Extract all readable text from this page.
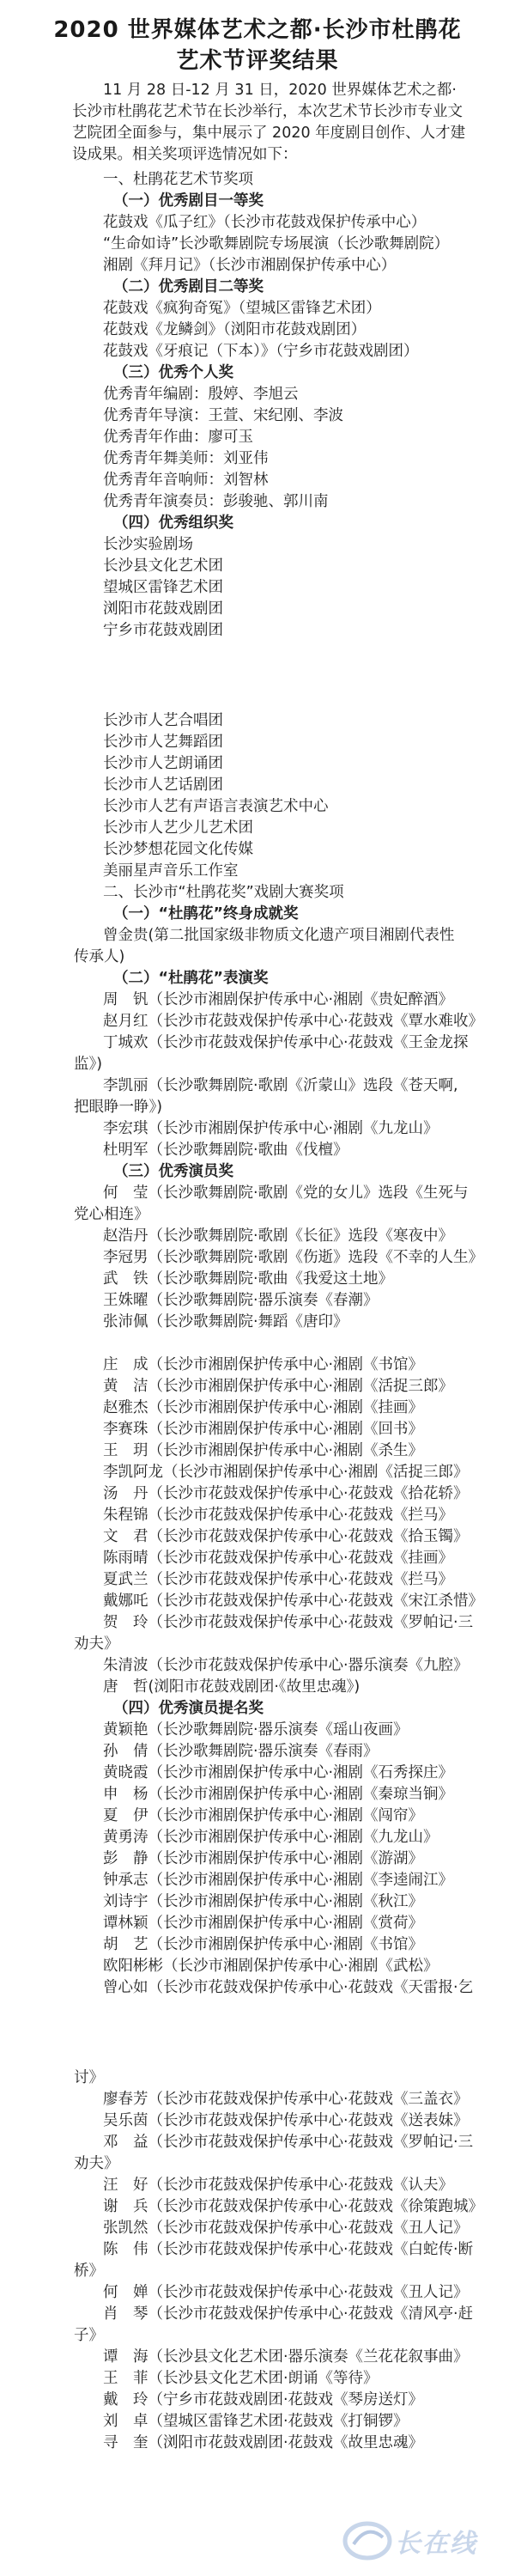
2020 世界媒体艺术之都·长沙市杜鹃花
艺术节评奖结果
11 月 28 日-12 月 31 日，2020 世界媒体艺术之都·长沙市杜鹃花艺术节在长沙举行，本次艺术节长沙市专业文艺院团全面参与，集中展示了 2020 年度剧目创作、人才建设成果。相关奖项评选情况如下：
一、杜鹃花艺术节奖项
（一）优秀剧目一等奖
花鼓戏《瓜子红》（长沙市花鼓戏保护传承中心）
“生命如诗”长沙歌舞剧院专场展演（长沙歌舞剧院）
湘剧《拜月记》（长沙市湘剧保护传承中心）
（二）优秀剧目二等奖
花鼓戏《疯狗奇冤》（望城区雷锋艺术团）
花鼓戏《龙鳞剑》（浏阳市花鼓戏剧团）
花鼓戏《牙痕记（下本）》（宁乡市花鼓戏剧团）
（三）优秀个人奖
优秀青年编剧：殷婷、李旭云
优秀青年导演：王萱、宋纪刚、李波
优秀青年作曲：廖可玉
优秀青年舞美师：刘亚伟
优秀青年音响师：刘智林
优秀青年演奏员：彭骏驰、郭川南
（四）优秀组织奖
长沙实验剧场
长沙县文化艺术团
望城区雷锋艺术团
浏阳市花鼓戏剧团
宁乡市花鼓戏剧团
长沙市人艺合唱团
长沙市人艺舞蹈团
长沙市人艺朗诵团
长沙市人艺话剧团
长沙市人艺有声语言表演艺术中心
长沙市人艺少儿艺术团
长沙梦想花园文化传媒
美丽星声音乐工作室
二、长沙市“杜鹃花奖”戏剧大赛奖项
（一）“杜鹃花”终身成就奖
曾金贵(第二批国家级非物质文化遗产项目湘剧代表性
传承人)
（二）“杜鹃花”表演奖
周　钒（长沙市湘剧保护传承中心·湘剧《贵妃醉酒》
赵月红（长沙市花鼓戏保护传承中心·花鼓戏《覃水难收》
丁城欢（长沙市花鼓戏保护传承中心·花鼓戏《王金龙探
监》)
李凯丽（长沙歌舞剧院·歌剧《沂蒙山》选段《苍天啊,
把眼睁一睁》)
李宏琪（长沙市湘剧保护传承中心·湘剧《九龙山》
杜明军（长沙歌舞剧院·歌曲《伐檀》
（三）优秀演员奖
何　莹（长沙歌舞剧院·歌剧《党的女儿》选段《生死与
党心相连》
赵浩丹（长沙歌舞剧院·歌剧《长征》选段《寒夜中》
李冠男（长沙歌舞剧院·歌剧《伤逝》选段《不幸的人生》
武　铁（长沙歌舞剧院·歌曲《我爱这土地》
王姝曜（长沙歌舞剧院·器乐演奏《春潮》
张沛佩（长沙歌舞剧院·舞蹈《唐印》
庄　成（长沙市湘剧保护传承中心·湘剧《书馆》
黄　洁（长沙市湘剧保护传承中心·湘剧《活捉三郎》
赵雅杰（长沙市湘剧保护传承中心·湘剧《挂画》
李赛珠（长沙市湘剧保护传承中心·湘剧《回书》
王　玥（长沙市湘剧保护传承中心·湘剧《杀生》
李凯阿龙（长沙市湘剧保护传承中心·湘剧《活捉三郎》
汤　丹（长沙市花鼓戏保护传承中心·花鼓戏《拾花轿》
朱程锦（长沙市花鼓戏保护传承中心·花鼓戏《拦马》
文　君（长沙市花鼓戏保护传承中心·花鼓戏《拾玉镯》
陈雨晴（长沙市花鼓戏保护传承中心·花鼓戏《挂画》
夏武兰（长沙市花鼓戏保护传承中心·花鼓戏《拦马》
戴娜吒（长沙市花鼓戏保护传承中心·花鼓戏《宋江杀惜》
贺　玲（长沙市花鼓戏保护传承中心·花鼓戏《罗帕记·三
劝夫》
朱清波（长沙市花鼓戏保护传承中心·器乐演奏《九腔》
唐　哲(浏阳市花鼓戏剧团·《故里忠魂》)
（四）优秀演员提名奖
黄颖艳（长沙歌舞剧院·器乐演奏《瑶山夜画》
孙　倩（长沙歌舞剧院·器乐演奏《春雨》
黄晓霞（长沙市湘剧保护传承中心·湘剧《石秀探庄》
申　杨（长沙市湘剧保护传承中心·湘剧《秦琼当锏》
夏　伊（长沙市湘剧保护传承中心·湘剧《闯帘》
黄勇涛（长沙市湘剧保护传承中心·湘剧《九龙山》
彭　静（长沙市湘剧保护传承中心·湘剧《游湖》
钟承志（长沙市湘剧保护传承中心·湘剧《李逵闹江》
刘诗宇（长沙市湘剧保护传承中心·湘剧《秋江》
谭林颖（长沙市湘剧保护传承中心·湘剧《赏荷》
胡　艺（长沙市湘剧保护传承中心·湘剧《书馆》
欧阳彬彬（长沙市湘剧保护传承中心·湘剧《武松》
曾心如（长沙市花鼓戏保护传承中心·花鼓戏《天雷报·乞
讨》
廖春芳（长沙市花鼓戏保护传承中心·花鼓戏《三盖衣》
吴乐茵（长沙市花鼓戏保护传承中心·花鼓戏《送表妹》
邓　益（长沙市花鼓戏保护传承中心·花鼓戏《罗帕记·三
劝夫》
汪　好（长沙市花鼓戏保护传承中心·花鼓戏《认夫》
谢　兵（长沙市花鼓戏保护传承中心·花鼓戏《徐策跑城》
张凯然（长沙市花鼓戏保护传承中心·花鼓戏《丑人记》
陈　伟（长沙市花鼓戏保护传承中心·花鼓戏《白蛇传·断
桥》
何　婵（长沙市花鼓戏保护传承中心·花鼓戏《丑人记》
肖　琴（长沙市花鼓戏保护传承中心·花鼓戏《清风亭·赶
子》
谭　海（长沙县文化艺术团·器乐演奏《兰花花叙事曲》
王　菲（长沙县文化艺术团·朗诵《等待》
戴　玲（宁乡市花鼓戏剧团·花鼓戏《琴房送灯》
刘　卓（望城区雷锋艺术团·花鼓戏《打铜锣》
寻　奎（浏阳市花鼓戏剧团·花鼓戏《故里忠魂》
长在线
